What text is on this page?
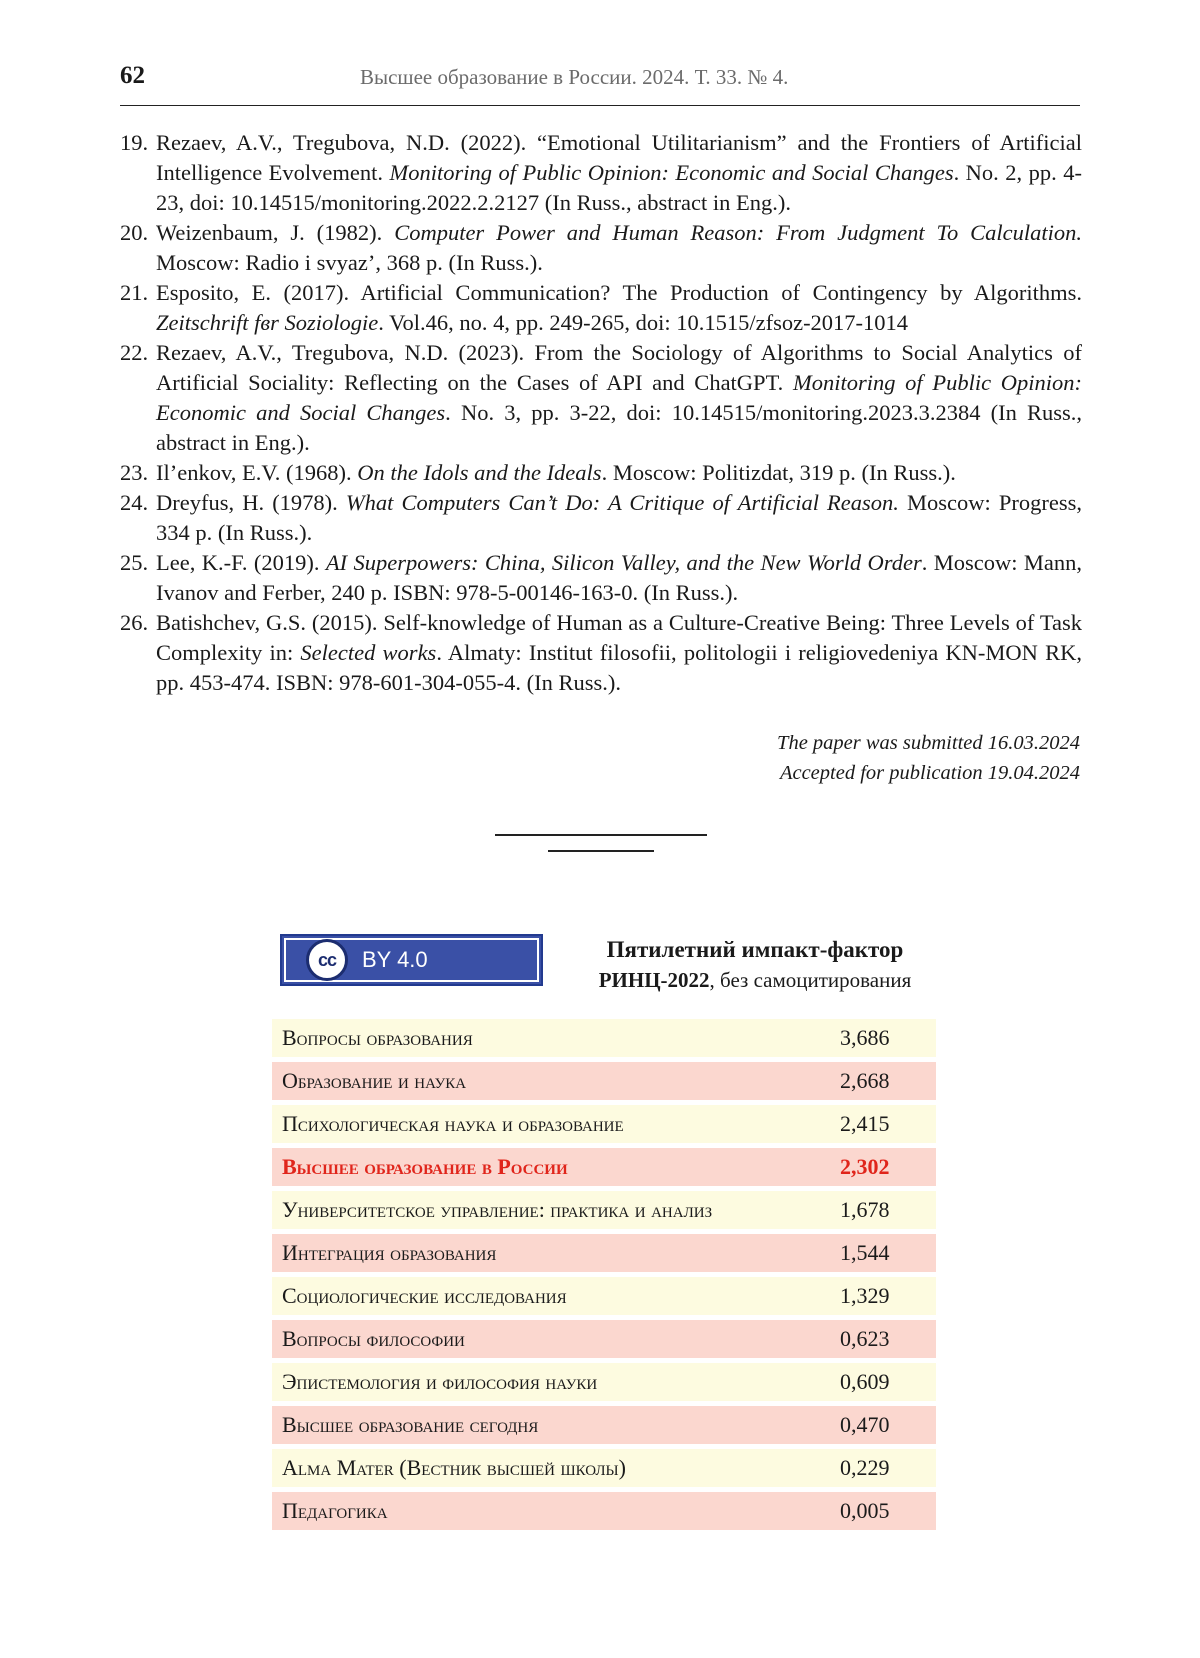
62	Высшее образование в России. 2024. Т. 33. № 4.
19. Rezaev, A.V., Tregubova, N.D. (2022). “Emotional Utilitarianism” and the Frontiers of Artificial Intelligence Evolvement. Monitoring of Public Opinion: Economic and Social Changes. No. 2, pp. 4-23, doi: 10.14515/monitoring.2022.2.2127 (In Russ., abstract in Eng.).
20. Weizenbaum, J. (1982). Computer Power and Human Reason: From Judgment To Calculation. Moscow: Radio i svyaz’, 368 p. (In Russ.).
21. Esposito, E. (2017). Artificial Communication? The Production of Contingency by Algorithms. Zeitschrift fвr Soziologie. Vol.46, no. 4, pp. 249-265, doi: 10.1515/zfsoz-2017-1014
22. Rezaev, A.V., Tregubova, N.D. (2023). From the Sociology of Algorithms to Social Analytics of Artificial Sociality: Reflecting on the Cases of API and ChatGPT. Monitoring of Public Opinion: Economic and Social Changes. No. 3, pp. 3-22, doi: 10.14515/monitoring.2023.3.2384 (In Russ., abstract in Eng.).
23. Il’enkov, E.V. (1968). On the Idols and the Ideals. Moscow: Politizdat, 319 p. (In Russ.).
24. Dreyfus, H. (1978). What Computers Can’t Do: A Critique of Artificial Reason. Moscow: Progress, 334 p. (In Russ.).
25. Lee, K.-F. (2019). AI Superpowers: China, Silicon Valley, and the New World Order. Moscow: Mann, Ivanov and Ferber, 240 p. ISBN: 978-5-00146-163-0. (In Russ.).
26. Batishchev, G.S. (2015). Self-knowledge of Human as a Culture-Creative Being: Three Levels of Task Complexity in: Selected works. Almaty: Institut filosofii, politologii i religiovedeniya KN-MON RK, pp. 453-474. ISBN: 978-601-304-055-4. (In Russ.).
The paper was submitted 16.03.2024
Accepted for publication 19.04.2024
cc	BY 4.0	Пятилетний импакт-фактор
РИНЦ-2022, без самоцитирования
Вопросы образования	3,686
Образование и наука	2,668
Психологическая наука и образование	2,415
Высшее образование в России	2,302
Университетское управление: практика и анализ	1,678
Интеграция образования	1,544
Социологические исследования	1,329
Вопросы философии	0,623
Эпистемология и философия науки	0,609
Высшее образование сегодня	0,470
Alma Mater (Вестник высшей школы)	0,229
Педагогика	0,005
